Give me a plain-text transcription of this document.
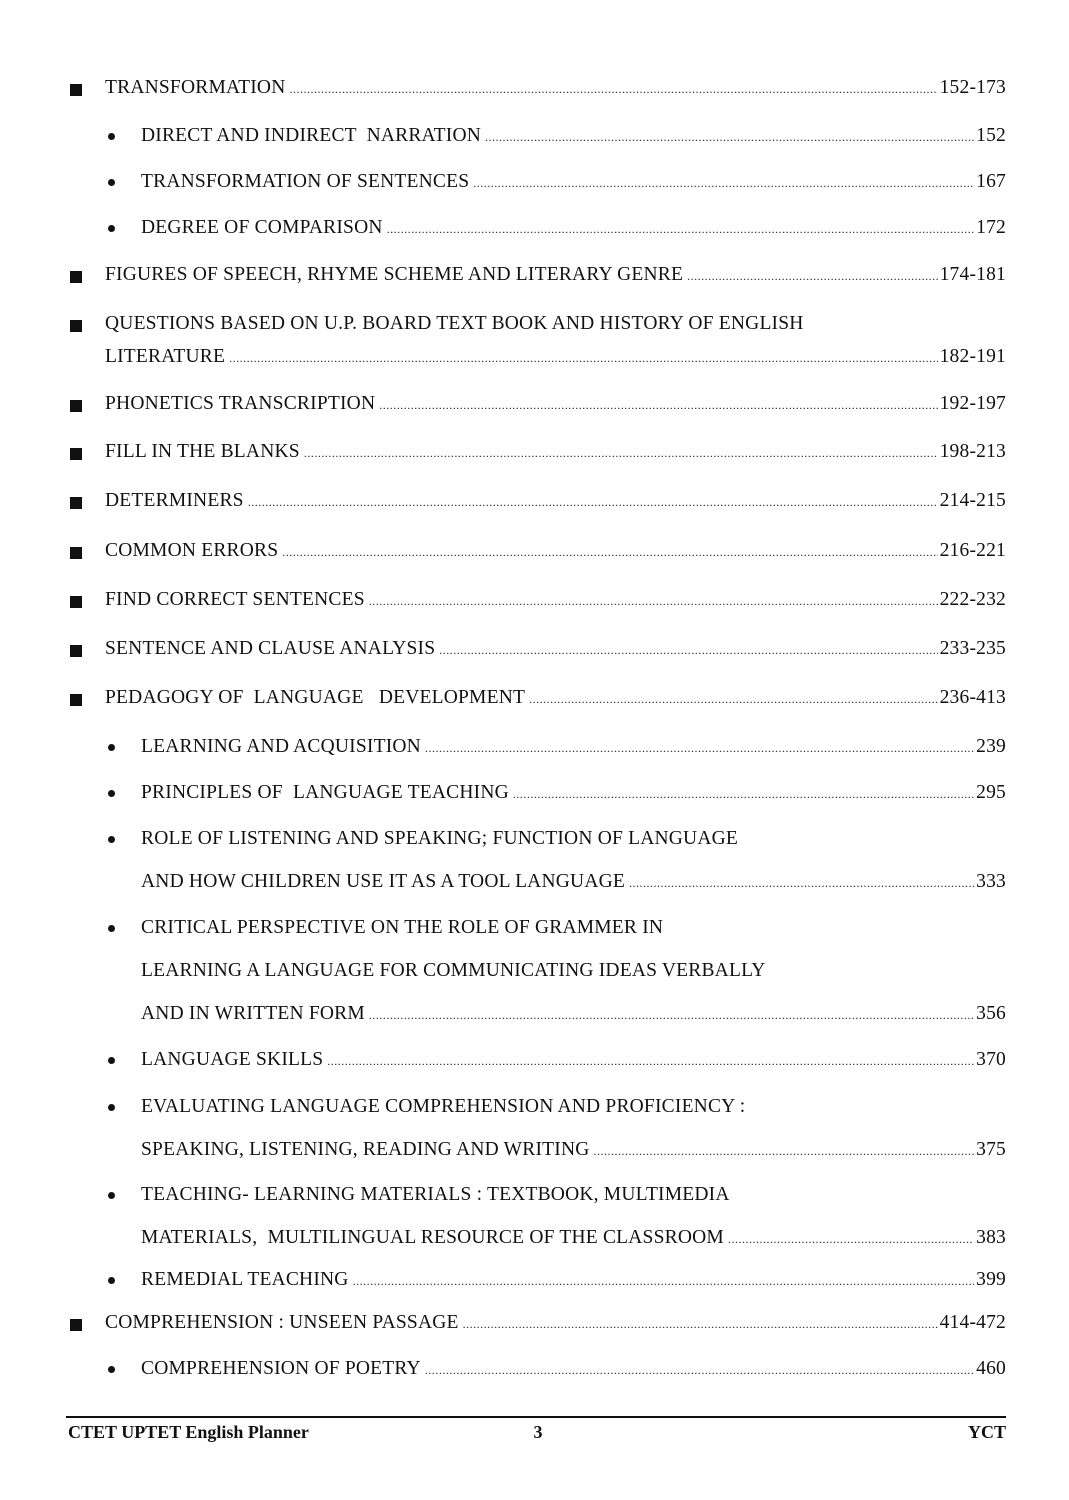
TRANSFORMATION .....	152-173
DIRECT AND INDIRECT  NARRATION .....	152
TRANSFORMATION OF SENTENCES .....	167
DEGREE OF COMPARISON .....	172
FIGURES OF SPEECH, RHYME SCHEME AND LITERARY GENRE .....	174-181
QUESTIONS BASED ON U.P. BOARD TEXT BOOK AND HISTORY OF ENGLISH
LITERATURE .....	182-191
PHONETICS TRANSCRIPTION .....	192-197
FILL IN THE BLANKS .....	198-213
DETERMINERS .....	214-215
COMMON ERRORS .....	216-221
FIND CORRECT SENTENCES .....	222-232
SENTENCE AND CLAUSE ANALYSIS .....	233-235
PEDAGOGY OF  LANGUAGE   DEVELOPMENT .....	236-413
LEARNING AND ACQUISITION .....	239
PRINCIPLES OF  LANGUAGE TEACHING .....	295
ROLE OF LISTENING AND SPEAKING; FUNCTION OF LANGUAGE
AND HOW CHILDREN USE IT AS A TOOL LANGUAGE .....	333
CRITICAL PERSPECTIVE ON THE ROLE OF GRAMMER IN
LEARNING A LANGUAGE FOR COMMUNICATING IDEAS VERBALLY
AND IN WRITTEN FORM .....	356
LANGUAGE SKILLS .....	370
EVALUATING LANGUAGE COMPREHENSION AND PROFICIENCY :
SPEAKING, LISTENING, READING AND WRITING .....	375
TEACHING- LEARNING MATERIALS : TEXTBOOK, MULTIMEDIA
MATERIALS,  MULTILINGUAL RESOURCE OF THE CLASSROOM .....	383
REMEDIAL TEACHING .....	399
COMPREHENSION : UNSEEN PASSAGE .....	414-472
COMPREHENSION OF POETRY .....	460
CTET UPTET English Planner	3	YCT
